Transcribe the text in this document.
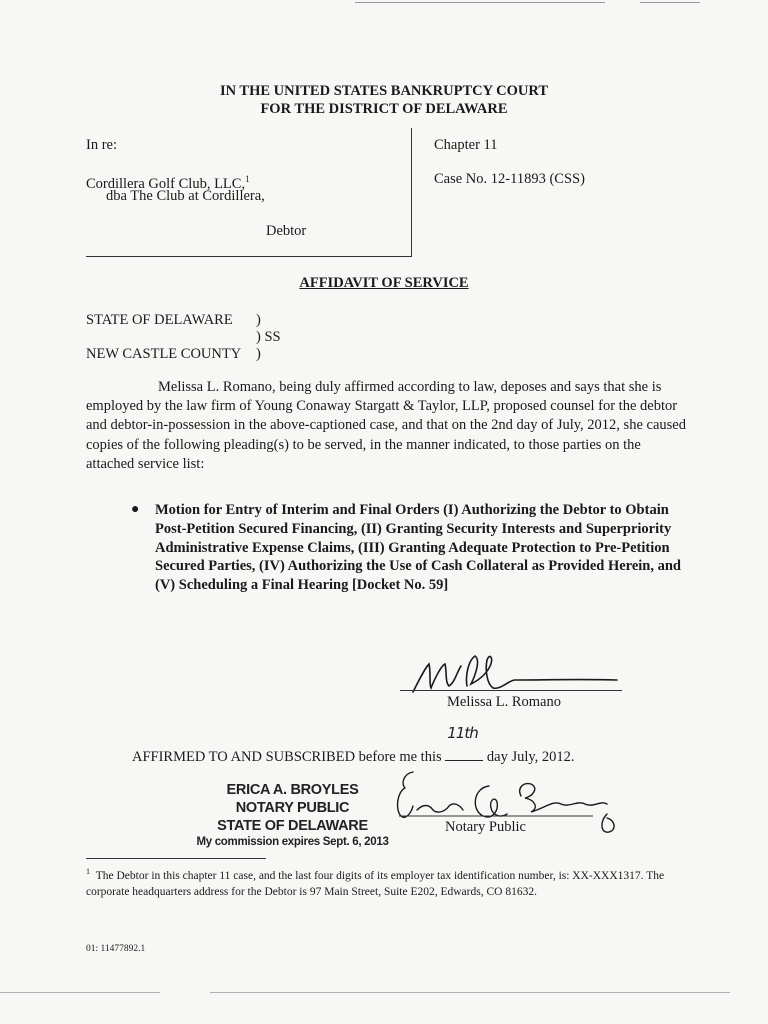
IN THE UNITED STATES BANKRUPTCY COURT
FOR THE DISTRICT OF DELAWARE
In re:
Cordillera Golf Club, LLC,$^1$
dba The Club at Cordillera,
Debtor
Chapter 11
Case No. 12-11893 (CSS)
AFFIDAVIT OF SERVICE
STATE OF DELAWARE )
) SS
NEW CASTLE COUNTY )
Melissa L. Romano, being duly affirmed according to law, deposes and says that she is employed by the law firm of Young Conaway Stargatt & Taylor, LLP, proposed counsel for the debtor and debtor-in-possession in the above-captioned case, and that on the 2nd day of July, 2012, she caused copies of the following pleading(s) to be served, in the manner indicated, to those parties on the attached service list:
● Motion for Entry of Interim and Final Orders (I) Authorizing the Debtor to Obtain Post-Petition Secured Financing, (II) Granting Security Interests and Superpriority Administrative Expense Claims, (III) Granting Adequate Protection to Pre-Petition Secured Parties, (IV) Authorizing the Use of Cash Collateral as Provided Herein, and (V) Scheduling a Final Hearing [Docket No. 59]
Melissa L. Romano
AFFIRMED TO AND SUBSCRIBED before me this
11th
day July, 2012.
ERICA A. BROYLES
NOTARY PUBLIC
STATE OF DELAWARE
My commission expires Sept. 6, 2013
Notary Public
$^1$ The Debtor in this chapter 11 case, and the last four digits of its employer tax identification number, is: XX-XXX1317. The corporate headquarters address for the Debtor is 97 Main Street, Suite E202, Edwards, CO 81632.
01: 11477892.1
